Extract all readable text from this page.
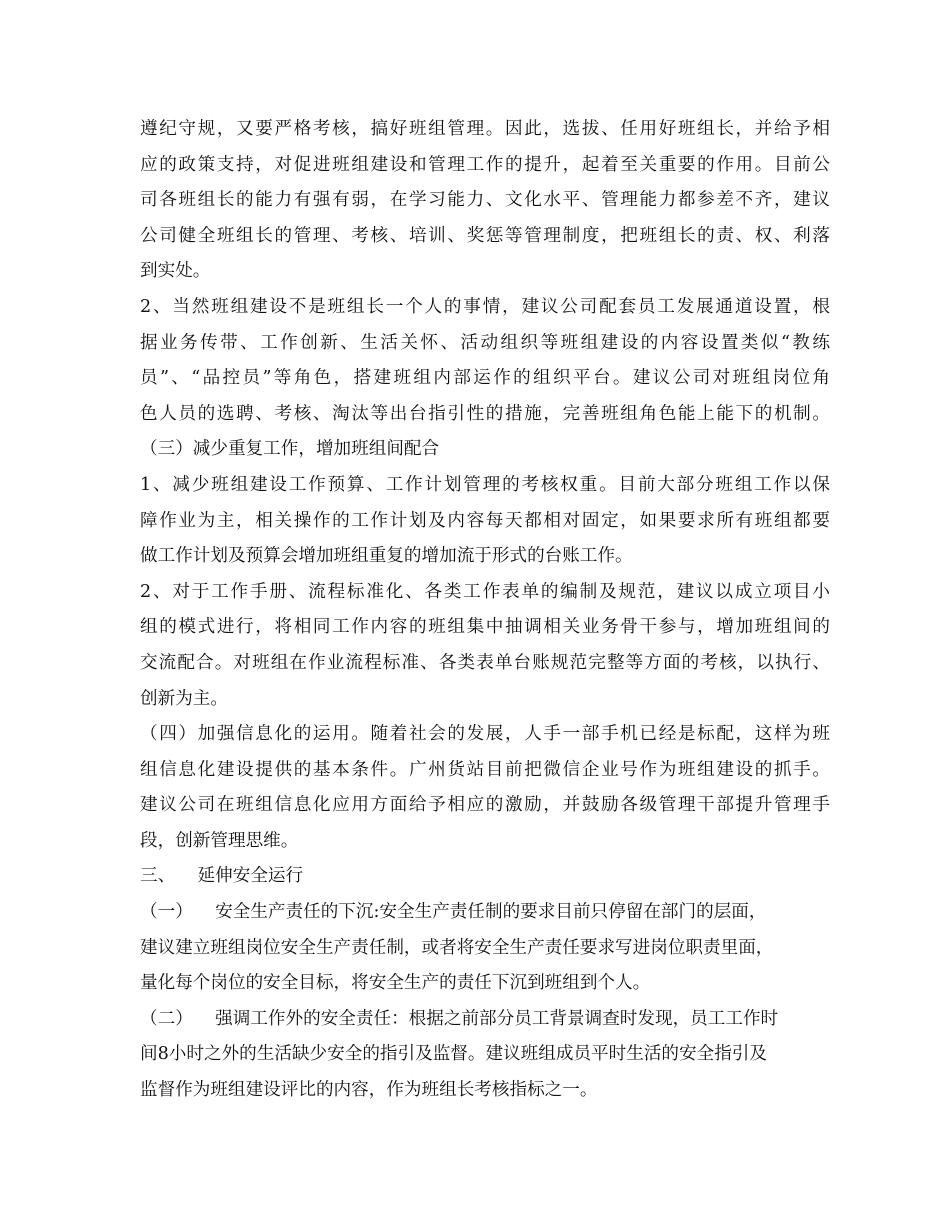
遵纪守规，又要严格考核，搞好班组管理。因此，选拔、任用好班组长，并给予相

应的政策支持，对促进班组建设和管理工作的提升，起着至关重要的作用。目前公

司各班组长的能力有强有弱，在学习能力、文化水平、管理能力都参差不齐，建议

公司健全班组长的管理、考核、培训、奖惩等管理制度，把班组长的责、权、利落

到实处。

2、当然班组建设不是班组长一个人的事情，建议公司配套员工发展通道设置，根

据业务传带、工作创新、生活关怀、活动组织等班组建设的内容设置类似“教练

员”、“品控员”等角色，搭建班组内部运作的组织平台。建议公司对班组岗位角

色人员的选聘、考核、淘汰等出台指引性的措施，完善班组角色能上能下的机制。

（三）减少重复工作，增加班组间配合

1、减少班组建设工作预算、工作计划管理的考核权重。目前大部分班组工作以保

障作业为主，相关操作的工作计划及内容每天都相对固定，如果要求所有班组都要

做工作计划及预算会增加班组重复的增加流于形式的台账工作。

2、对于工作手册、流程标准化、各类工作表单的编制及规范，建议以成立项目小

组的模式进行，将相同工作内容的班组集中抽调相关业务骨干参与，增加班组间的

交流配合。对班组在作业流程标准、各类表单台账规范完整等方面的考核，以执行、

创新为主。

（四）加强信息化的运用。随着社会的发展，人手一部手机已经是标配，这样为班

组信息化建设提供的基本条件。广州货站目前把微信企业号作为班组建设的抓手。

建议公司在班组信息化应用方面给予相应的激励，并鼓励各级管理干部提升管理手

段，创新管理思维。

三、    延伸安全运行

（一）    安全生产责任的下沉:安全生产责任制的要求目前只停留在部门的层面，

建议建立班组岗位安全生产责任制，或者将安全生产责任要求写进岗位职责里面，

量化每个岗位的安全目标，将安全生产的责任下沉到班组到个人。

（二）    强调工作外的安全责任：根据之前部分员工背景调查时发现，员工工作时

间8小时之外的生活缺少安全的指引及监督。建议班组成员平时生活的安全指引及

监督作为班组建设评比的内容，作为班组长考核指标之一。
